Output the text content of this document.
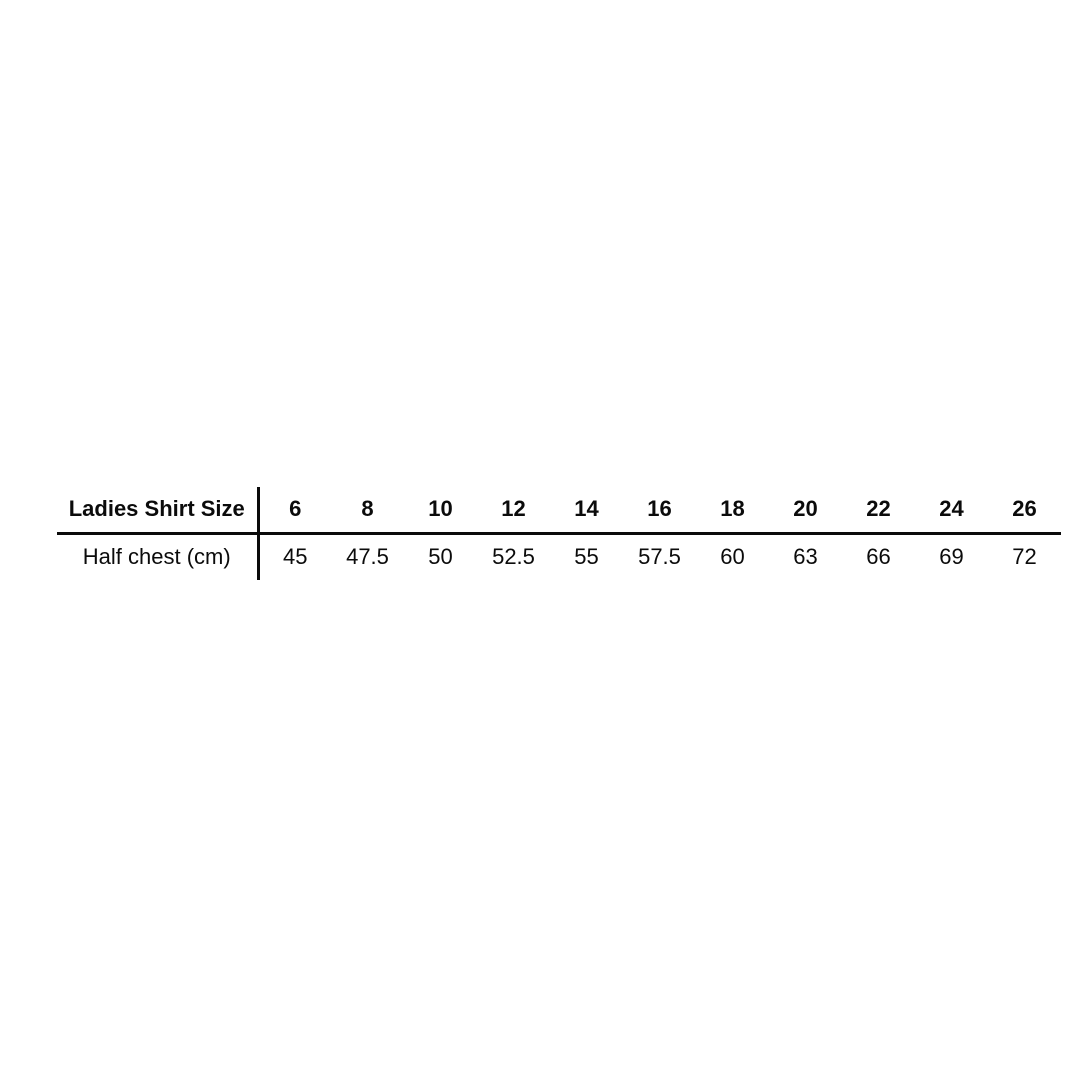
Ladies Shirt Size	6	8	10	12	14	16	18	20	22	24	26
Half chest (cm)	45	47.5	50	52.5	55	57.5	60	63	66	69	72
